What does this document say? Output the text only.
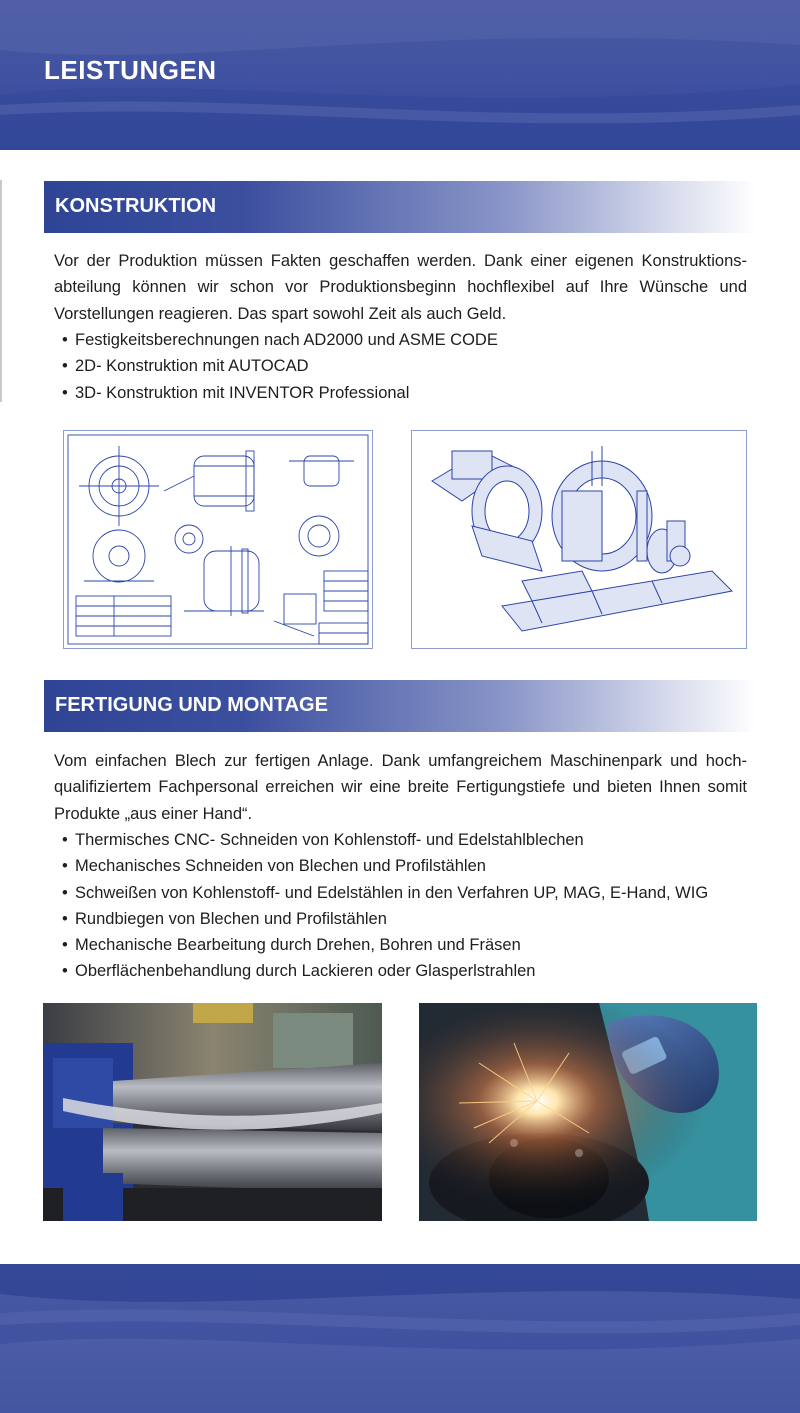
LEISTUNGEN
KONSTRUKTION

Vor der Produktion müssen Fakten geschaffen werden. Dank einer eigenen Konstruktions-abteilung können wir schon vor Produktionsbeginn hochflexibel auf Ihre Wünsche und Vorstellungen reagieren. Das spart sowohl Zeit als auch Geld.

• Festigkeitsberechnungen nach AD2000 und ASME CODE
• 2D- Konstruktion mit AUTOCAD
• 3D- Konstruktion mit INVENTOR Professional
FERTIGUNG UND MONTAGE

Vom einfachen Blech zur fertigen Anlage. Dank umfangreichem Maschinenpark und hoch-qualifiziertem Fachpersonal erreichen wir eine breite Fertigungstiefe und bieten Ihnen somit Produkte „aus einer Hand“.

• Thermisches CNC- Schneiden von Kohlenstoff- und Edelstahlblechen
• Mechanisches Schneiden von Blechen und Profilstählen
• Schweißen von Kohlenstoff- und Edelstählen in den Verfahren UP, MAG, E-Hand, WIG
• Rundbiegen von Blechen und Profilstählen
• Mechanische Bearbeitung durch Drehen, Bohren und Fräsen
• Oberflächenbehandlung durch Lackieren oder Glasperlstrahlen
